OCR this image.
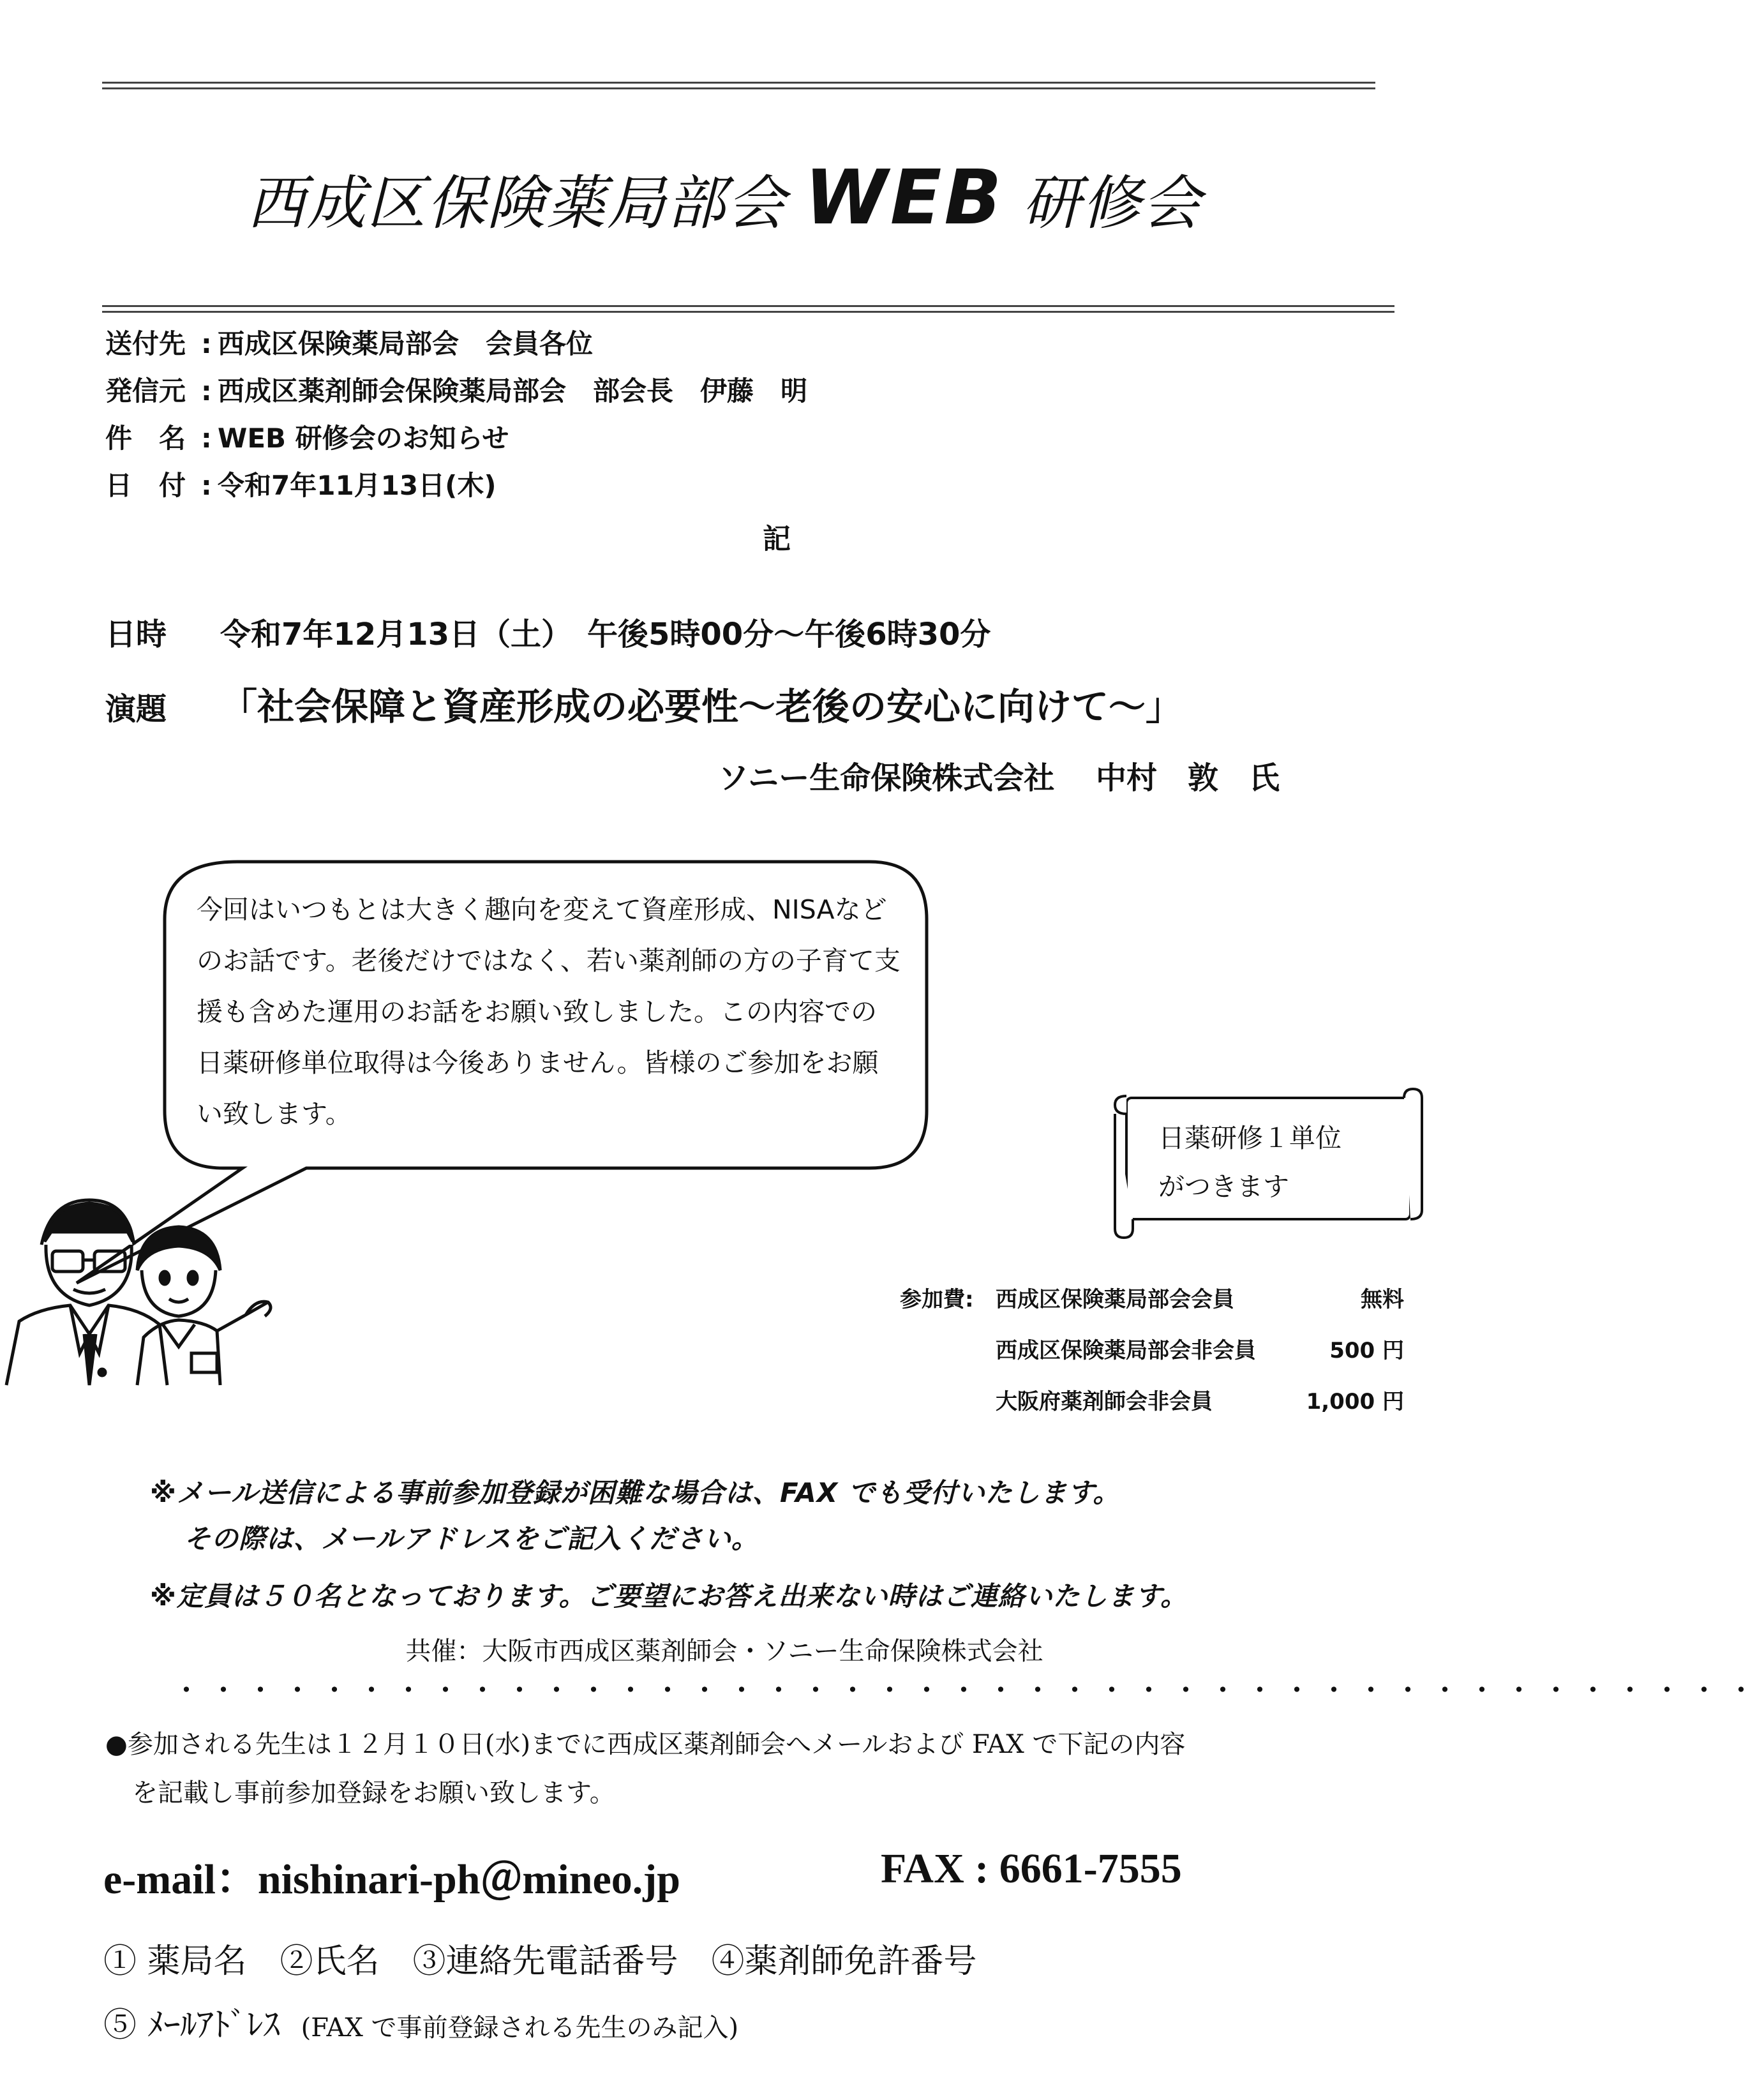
西成区保険薬局部会 WEB 研修会
送付先 : 西成区保険薬局部会　会員各位
発信元 : 西成区薬剤師会保険薬局部会　部会長　伊藤　明
件　名 : WEB 研修会のお知らせ
日　付 : 令和7年11月13日(木)
記
日時 令和7年12月13日（土）　午後5時00分～午後6時30分
演題 「社会保障と資産形成の必要性～老後の安心に向けて～」
ソニー生命保険株式会社　 中村　敦　氏
今回はいつもとは大きく趣向を変えて資産形成、NISAなどのお話です。老後だけではなく、若い薬剤師の方の子育て支援も含めた運用のお話をお願い致しました。この内容での日薬研修単位取得は今後ありません。皆様のご参加をお願い致します。
日薬研修１単位
がつきます
参加費: 西成区保険薬局部会会員	無料
西成区保険薬局部会非会員	500 円
大阪府薬剤師会非会員	1,000 円
※メール送信による事前参加登録が困難な場合は、FAX でも受付いたします。
その際は、メールアドレスをご記入ください。
※定員は５０名となっております。ご要望にお答え出来ない時はご連絡いたします。
共催：大阪市西成区薬剤師会・ソニー生命保険株式会社
・・・・・・・・・・・・・・・・・・・・・・・・・・・・・・・・・・・・・・・・・・・
●参加される先生は１２月１０日(水)までに西成区薬剤師会へメールおよび FAX で下記の内容
を記載し事前参加登録をお願い致します。
e-mail：nishinari-ph＠mineo.jp	FAX : 6661-7555
① 薬局名　②氏名　③連絡先電話番号　④薬剤師免許番号
⑤ ﾒｰﾙｱﾄﾞﾚｽ (FAX で事前登録される先生のみ記入)
